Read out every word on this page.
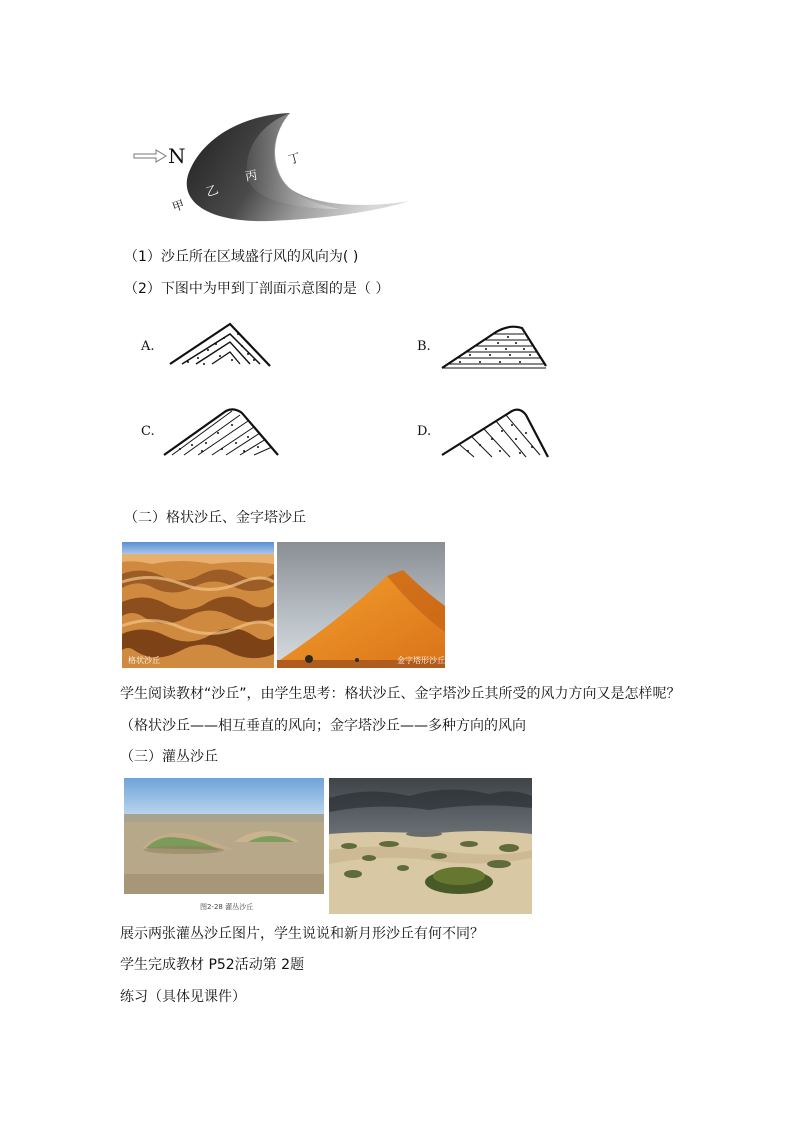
N
甲
乙
丙
丁
（1）沙丘所在区域盛行风的风向为( )
（2）下图中为甲到丁剖面示意图的是（ ）
A.	B.
C.	D.
（二）格状沙丘、金字塔沙丘
格状沙丘	金字塔形沙丘
学生阅读教材“沙丘”，由学生思考：格状沙丘、金字塔沙丘其所受的风力方向又是怎样呢？
（格状沙丘——相互垂直的风向；金字塔沙丘——多种方向的风向
（三）灌丛沙丘
图2-28 灌丛沙丘
展示两张灌丛沙丘图片，学生说说和新月形沙丘有何不同？
学生完成教材 P52活动第 2题
练习（具体见课件）
